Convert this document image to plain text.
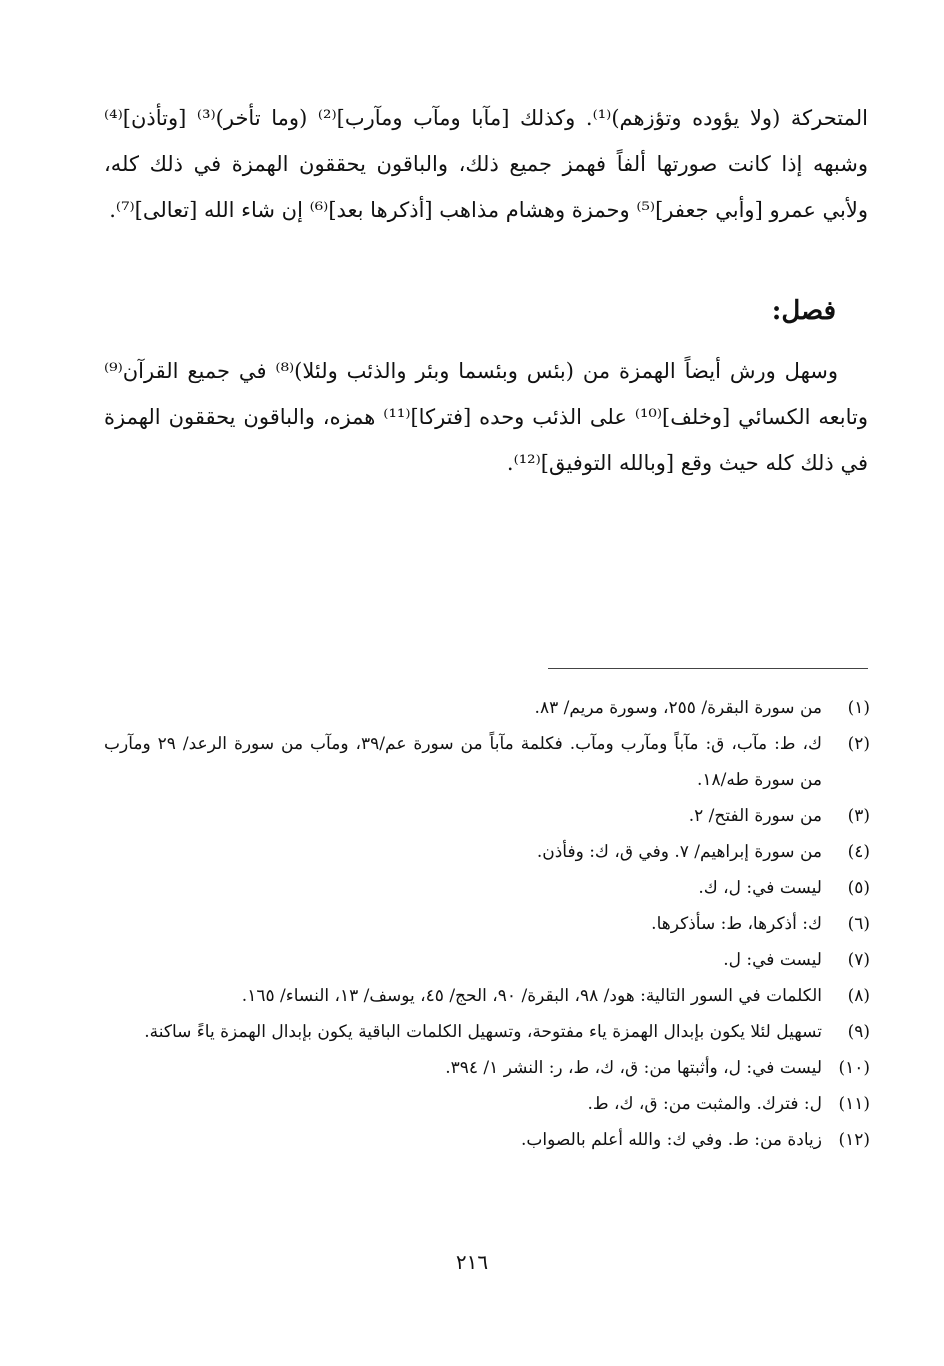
المتحركة (ولا يؤوده وتؤزهم)⁽¹⁾. وكذلك [مآبا ومآب ومآرب]⁽²⁾ (وما تأخر)⁽³⁾ [وتأذن]⁽⁴⁾ وشبهه إذا كانت صورتها ألفاً فهمز جميع ذلك، والباقون يحققون الهمزة في ذلك كله، ولأبي عمرو [وأبي جعفر]⁽⁵⁾ وحمزة وهشام مذاهب [أذكرها بعد]⁽⁶⁾ إن شاء الله [تعالى]⁽⁷⁾.

فصل:

وسهل ورش أيضاً الهمزة من (بئس وبئسما وبئر والذئب ولئلا)⁽⁸⁾ في جميع القرآن⁽⁹⁾ وتابعه الكسائي [وخلف]⁽¹⁰⁾ على الذئب وحده [فتركا]⁽¹¹⁾ همزه، والباقون يحققون الهمزة في ذلك كله حيث وقع [وبالله التوفيق]⁽¹²⁾.

(١)
من سورة البقرة/ ٢٥٥، وسورة مريم/ ٨٣.
(٢)
ك، ط: مآب، ق: مآباً ومآرب ومآب. فكلمة مآباً من سورة عم/٣٩، ومآب من سورة الرعد/ ٢٩ ومآرب من سورة طه/١٨.
(٣)
من سورة الفتح/ ٢.
(٤)
من سورة إبراهيم/ ٧. وفي ق، ك: وفأذن.
(٥)
ليست في: ل، ك.
(٦)
ك: أذكرها، ط: سأذكرها.
(٧)
ليست في: ل.
(٨)
الكلمات في السور التالية: هود/ ٩٨، البقرة/ ٩٠، الحج/ ٤٥، يوسف/ ١٣، النساء/ ١٦٥.
(٩)
تسهيل لئلا يكون بإبدال الهمزة ياء مفتوحة، وتسهيل الكلمات الباقية يكون بإبدال الهمزة ياءً ساكنة.
(١٠)
ليست في: ل، وأثبتها من: ق، ك، ط، ر: النشر ١/ ٣٩٤.
(١١)
ل: فترك. والمثبت من: ق، ك، ط.
(١٢)
زيادة من: ط. وفي ك: والله أعلم بالصواب.
٢١٦
